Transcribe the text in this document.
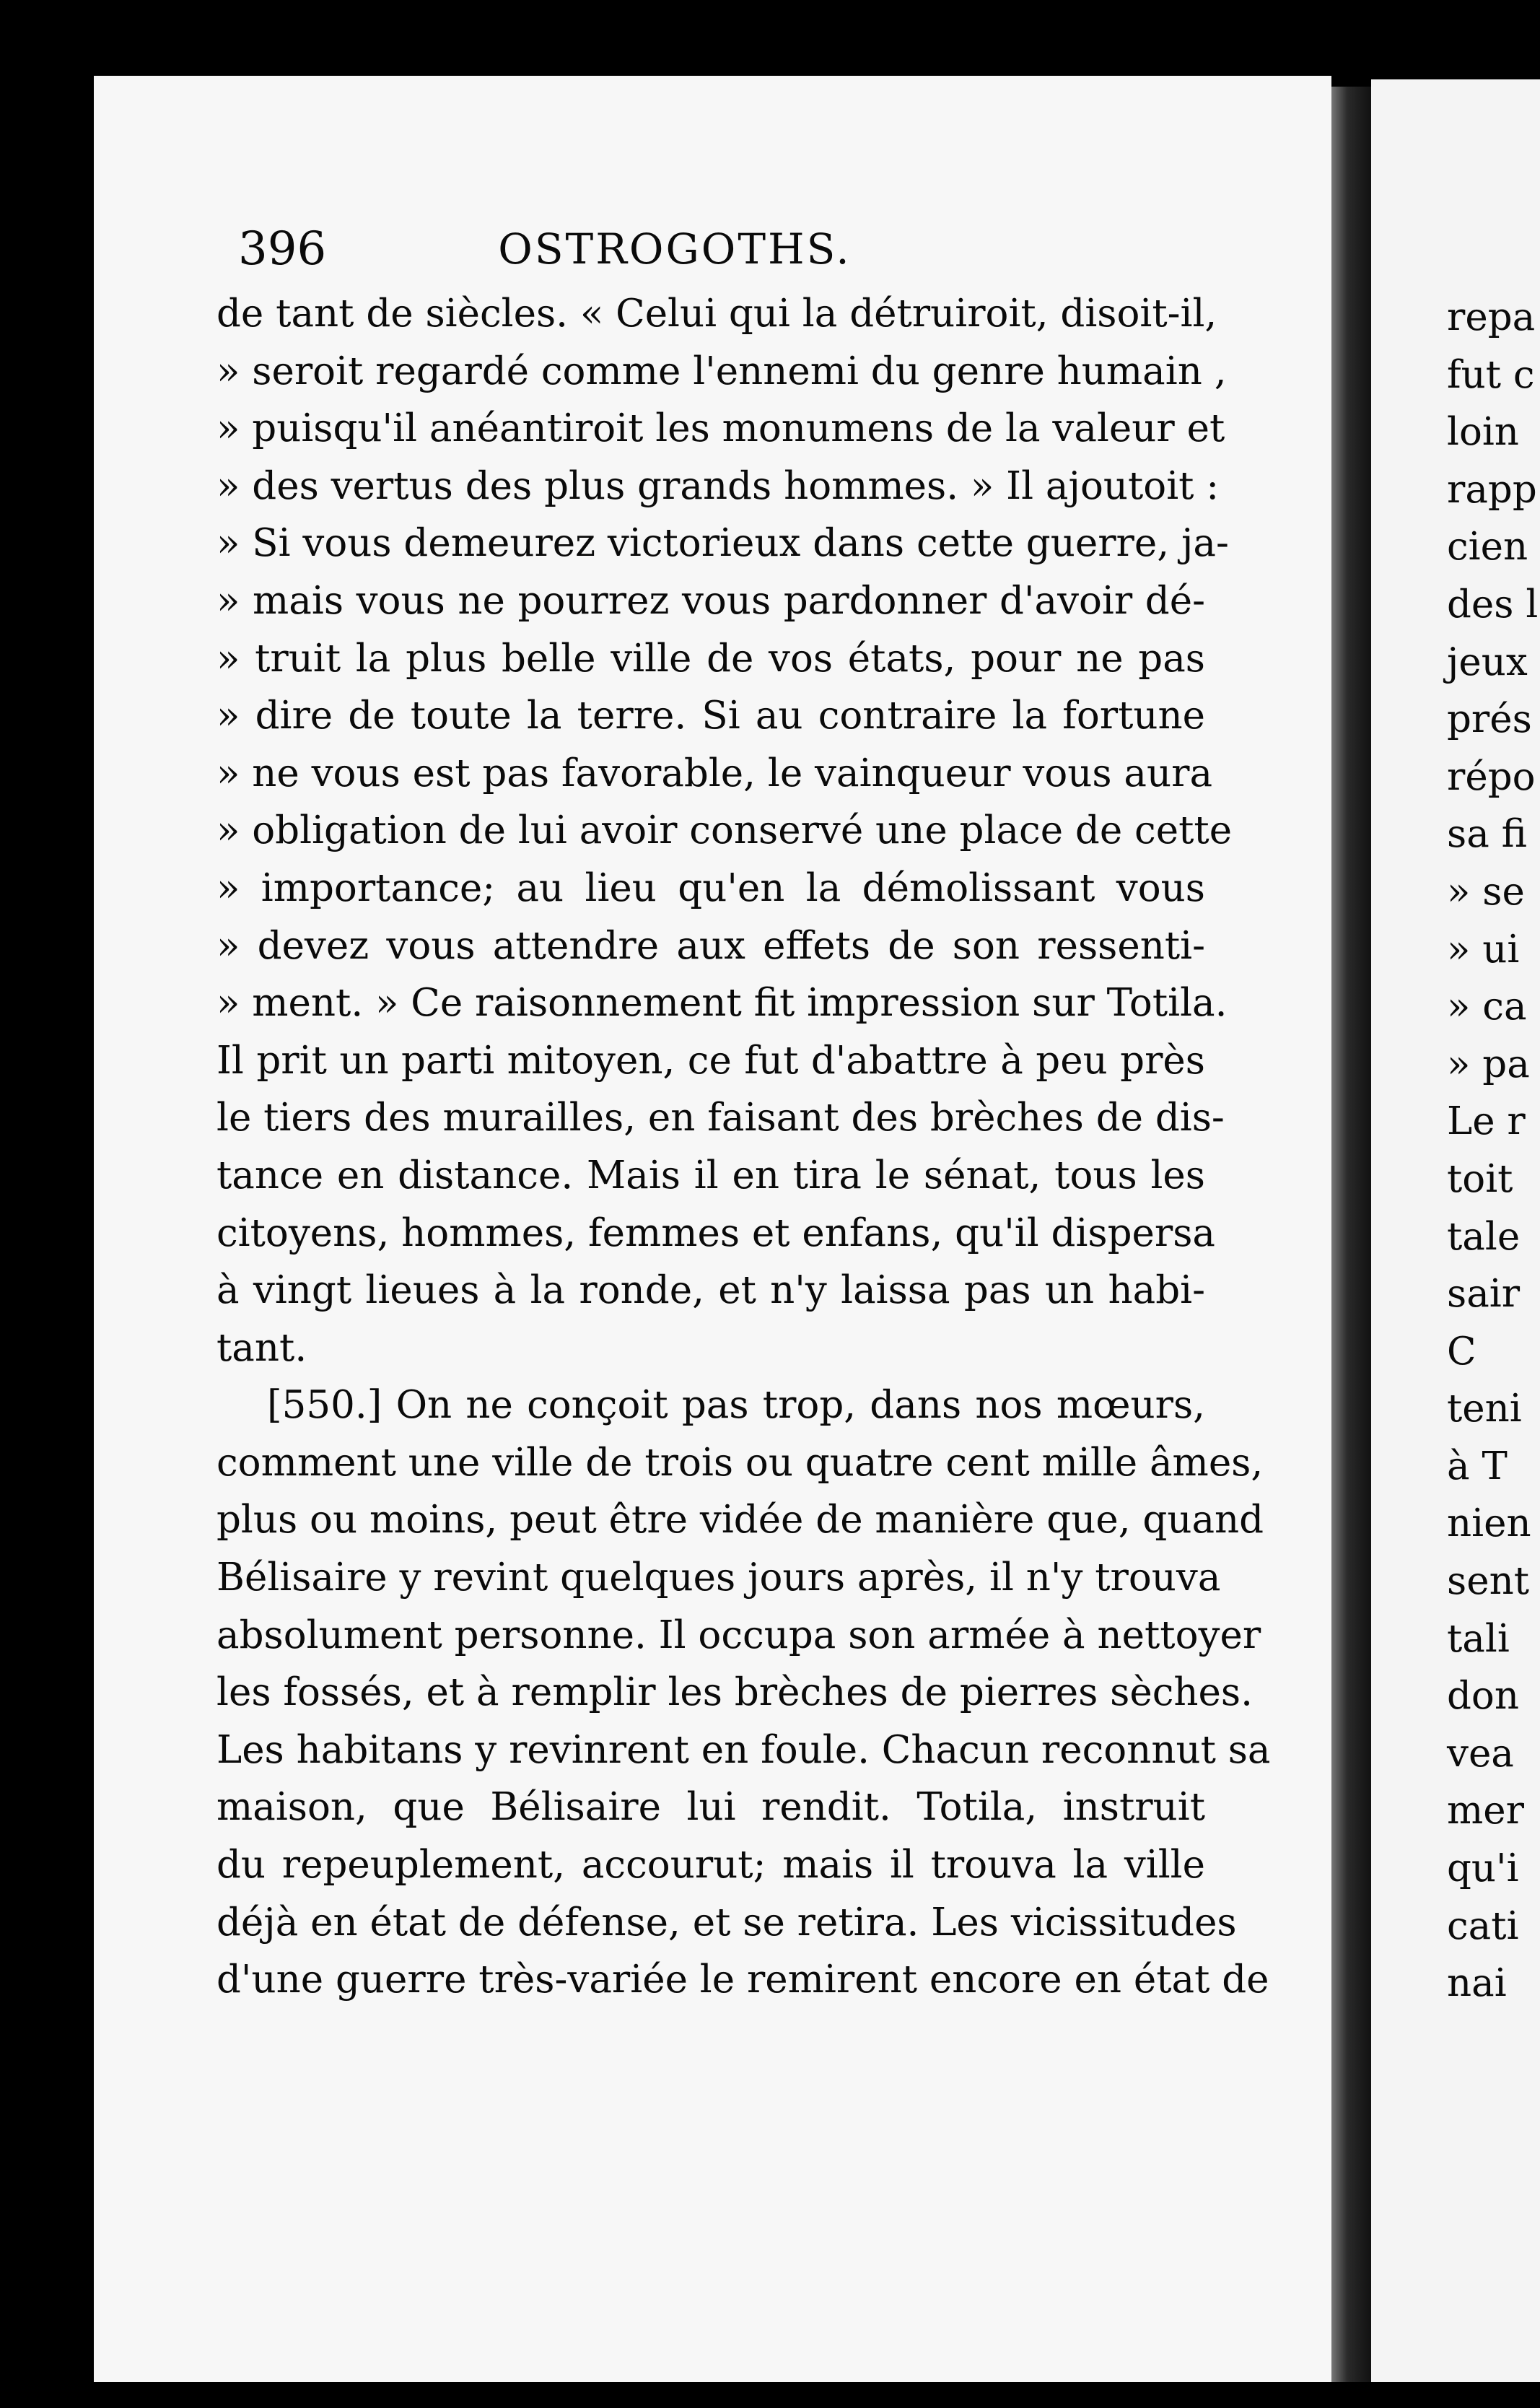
repa
fut c
loin
rapp
cien
des l
jeux
prés
répo
sa fi
» se
» ui
» ca
» pa
Le r
toit
tale
sair
C
teni
à T
nien
sent
tali
don
vea
mer
qu'i
cati
nai
396	OSTROGOTHS.
de tant de siècles. « Celui qui la détruiroit, disoit-il,
» seroit regardé comme l'ennemi du genre humain ,
» puisqu'il anéantiroit les monumens de la valeur et
» des vertus des plus grands hommes. » Il ajoutoit :
» Si vous demeurez victorieux dans cette guerre, ja-
» mais vous ne pourrez vous pardonner d'avoir dé-
» truit la plus belle ville de vos états, pour ne pas
» dire de toute la terre. Si au contraire la fortune
» ne vous est pas favorable, le vainqueur vous aura
» obligation de lui avoir conservé une place de cette
» importance; au lieu qu'en la démolissant vous
» devez vous attendre aux effets de son ressenti-
» ment. » Ce raisonnement fit impression sur Totila.
Il prit un parti mitoyen, ce fut d'abattre à peu près
le tiers des murailles, en faisant des brèches de dis-
tance en distance. Mais il en tira le sénat, tous les
citoyens, hommes, femmes et enfans, qu'il dispersa
à vingt lieues à la ronde, et n'y laissa pas un habi-
tant.
[550.] On ne conçoit pas trop, dans nos mœurs,
comment une ville de trois ou quatre cent mille âmes,
plus ou moins, peut être vidée de manière que, quand
Bélisaire y revint quelques jours après, il n'y trouva
absolument personne. Il occupa son armée à nettoyer
les fossés, et à remplir les brèches de pierres sèches.
Les habitans y revinrent en foule. Chacun reconnut sa
maison, que Bélisaire lui rendit. Totila, instruit
du repeuplement, accourut; mais il trouva la ville
déjà en état de défense, et se retira. Les vicissitudes
d'une guerre très-variée le remirent encore en état de
